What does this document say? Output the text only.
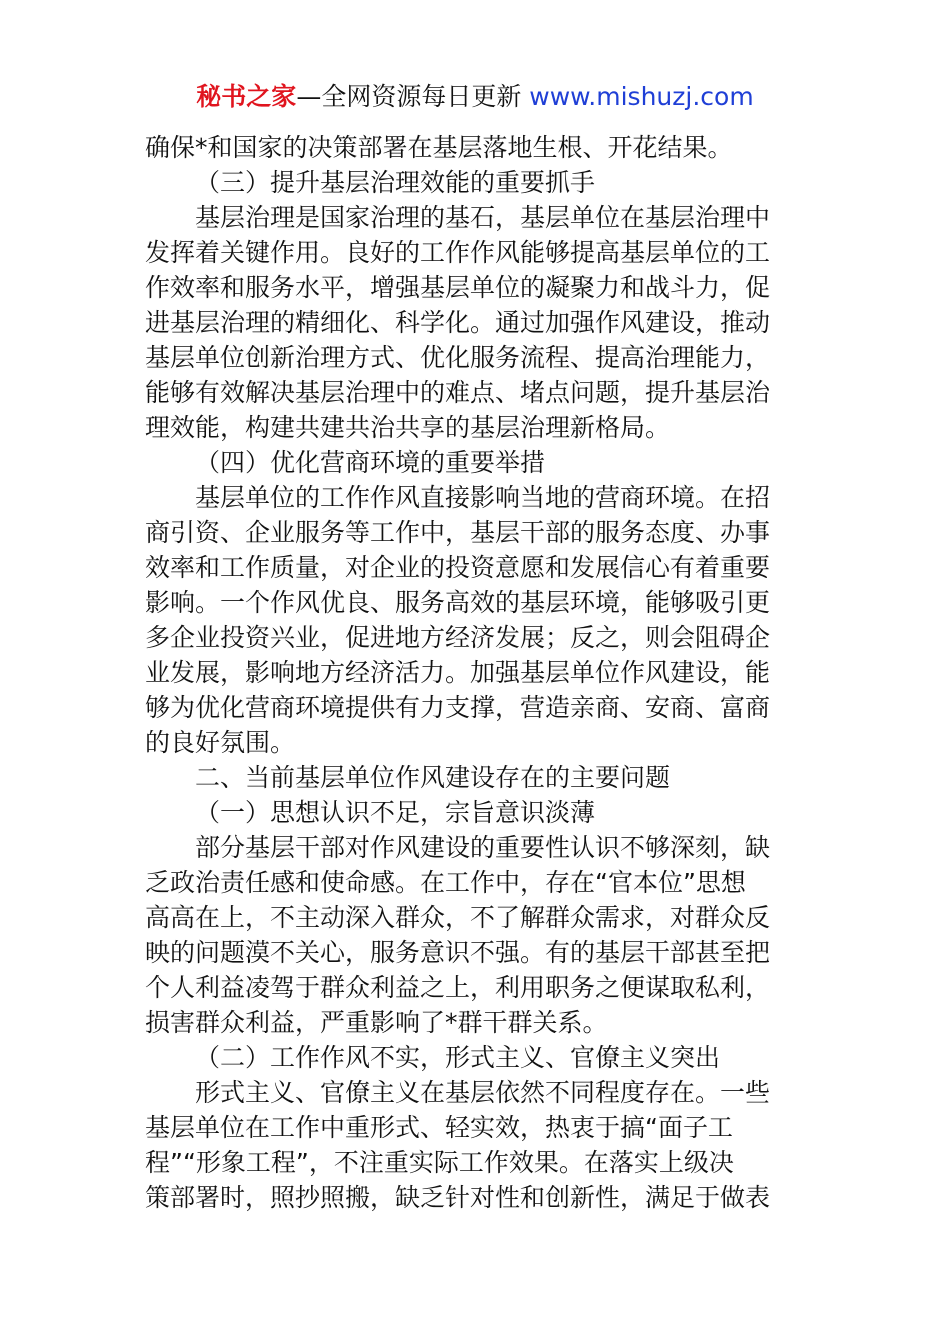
秘书之家—全网资源每日更新 www.mishuzj.com
确保*和国家的决策部署在基层落地生根、开花结果。
（三）提升基层治理效能的重要抓手
基层治理是国家治理的基石，基层单位在基层治理中
发挥着关键作用。良好的工作作风能够提高基层单位的工
作效率和服务水平，增强基层单位的凝聚力和战斗力，促
进基层治理的精细化、科学化。通过加强作风建设，推动
基层单位创新治理方式、优化服务流程、提高治理能力，
能够有效解决基层治理中的难点、堵点问题，提升基层治
理效能，构建共建共治共享的基层治理新格局。
（四）优化营商环境的重要举措
基层单位的工作作风直接影响当地的营商环境。在招
商引资、企业服务等工作中，基层干部的服务态度、办事
效率和工作质量，对企业的投资意愿和发展信心有着重要
影响。一个作风优良、服务高效的基层环境，能够吸引更
多企业投资兴业，促进地方经济发展；反之，则会阻碍企
业发展，影响地方经济活力。加强基层单位作风建设，能
够为优化营商环境提供有力支撑，营造亲商、安商、富商
的良好氛围。
二、当前基层单位作风建设存在的主要问题
（一）思想认识不足，宗旨意识淡薄
部分基层干部对作风建设的重要性认识不够深刻，缺
乏政治责任感和使命感。在工作中，存在“官本位”思想
高高在上，不主动深入群众，不了解群众需求，对群众反
映的问题漠不关心，服务意识不强。有的基层干部甚至把
个人利益凌驾于群众利益之上，利用职务之便谋取私利，
损害群众利益，严重影响了*群干群关系。
（二）工作作风不实，形式主义、官僚主义突出
形式主义、官僚主义在基层依然不同程度存在。一些
基层单位在工作中重形式、轻实效，热衷于搞“面子工
程”“形象工程”，不注重实际工作效果。在落实上级决
策部署时，照抄照搬，缺乏针对性和创新性，满足于做表
